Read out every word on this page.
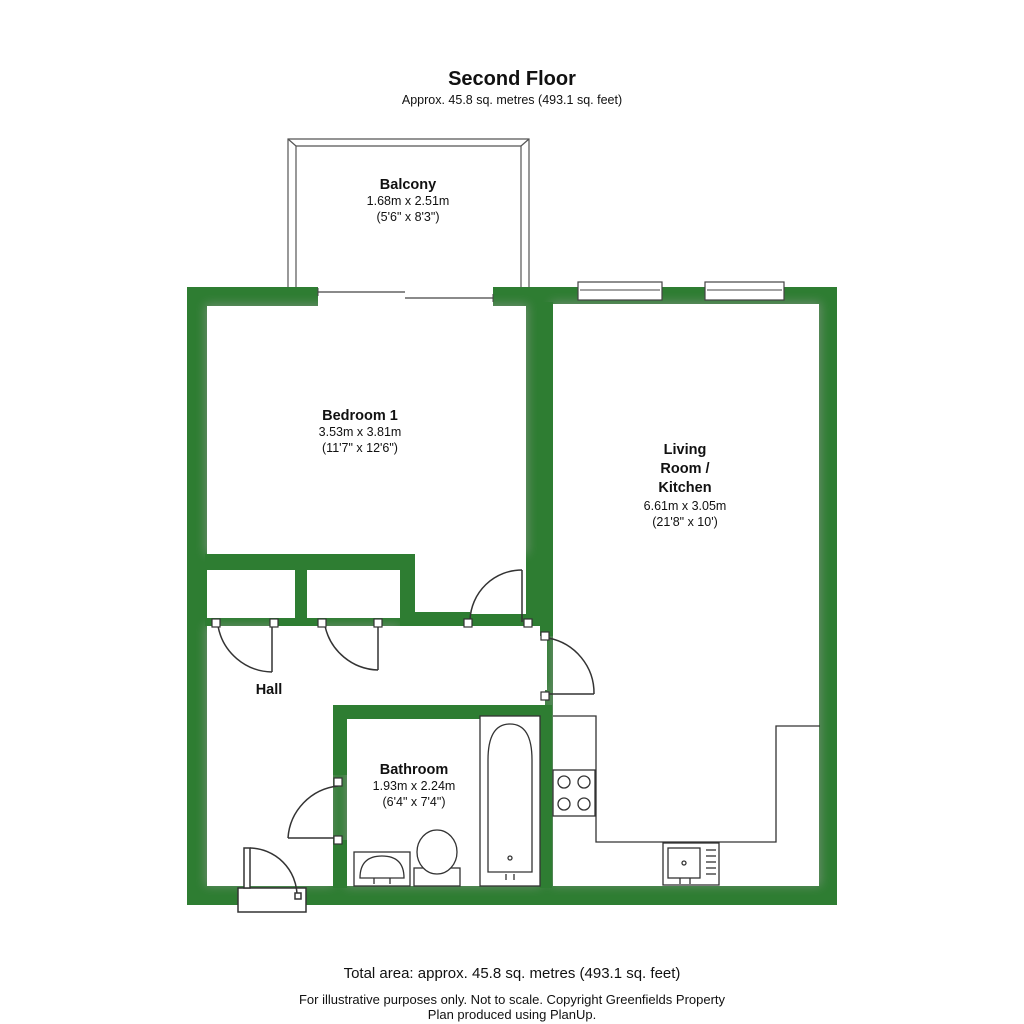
Second Floor
Approx. 45.8 sq. metres (493.1 sq. feet)
Balcony
1.68m x 2.51m
(5'6" x 8'3")
Bedroom 1
3.53m x 3.81m
(11'7" x 12'6")	Living
Room /
Kitchen
6.61m x 3.05m
(21'8" x 10')
Hall
Bathroom
1.93m x 2.24m
(6'4" x 7'4")
Total area: approx. 45.8 sq. metres (493.1 sq. feet)
For illustrative purposes only. Not to scale. Copyright Greenfields Property
Plan produced using PlanUp.
